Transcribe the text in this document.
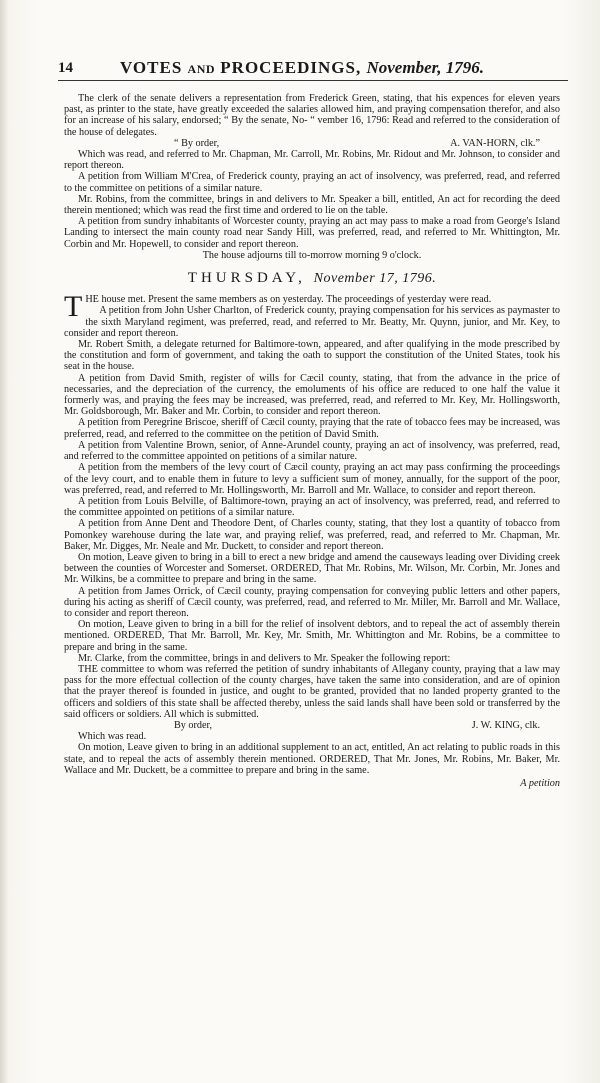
14	VOTES AND PROCEEDINGS, November, 1796.

The clerk of the senate delivers a representation from Frederick Green, stating, that his expences for eleven years past, as printer to the state, have greatly exceeded the salaries allowed him, and praying compensation therefor, and also for an increase of his salary, endorsed; “ By the senate, No- “ vember 16, 1796: Read and referred to the consideration of the house of delegates.

“ By order,	A. VAN-HORN, clk.”

Which was read, and referred to Mr. Chapman, Mr. Carroll, Mr. Robins, Mr. Ridout and Mr. Johnson, to consider and report thereon.

A petition from William M'Crea, of Frederick county, praying an act of insolvency, was preferred, read, and referred to the committee on petitions of a similar nature.

Mr. Robins, from the committee, brings in and delivers to Mr. Speaker a bill, entitled, An act for recording the deed therein mentioned; which was read the first time and ordered to lie on the table.

A petition from sundry inhabitants of Worcester county, praying an act may pass to make a road from George's Island Landing to intersect the main county road near Sandy Hill, was preferred, read, and referred to Mr. Whittington, Mr. Corbin and Mr. Hopewell, to consider and report thereon.

The house adjourns till to-morrow morning 9 o'clock.

THURSDAY, November 17, 1796.

THE house met. Present the same members as on yesterday. The proceedings of yesterday were read.

A petition from John Usher Charlton, of Frederick county, praying compensation for his services as paymaster to the sixth Maryland regiment, was preferred, read, and referred to Mr. Beatty, Mr. Quynn, junior, and Mr. Key, to consider and report thereon.

Mr. Robert Smith, a delegate returned for Baltimore-town, appeared, and after qualifying in the mode prescribed by the constitution and form of government, and taking the oath to support the constitution of the United States, took his seat in the house.

A petition from David Smith, register of wills for Cæcil county, stating, that from the advance in the price of necessaries, and the depreciation of the currency, the emoluments of his office are reduced to one half the value it formerly was, and praying the fees may be increased, was preferred, read, and referred to Mr. Key, Mr. Hollingsworth, Mr. Goldsborough, Mr. Baker and Mr. Corbin, to consider and report thereon.

A petition from Peregrine Briscoe, sheriff of Cæcil county, praying that the rate of tobacco fees may be increased, was preferred, read, and referred to the committee on the petition of David Smith.

A petition from Valentine Brown, senior, of Anne-Arundel county, praying an act of insolvency, was preferred, read, and referred to the committee appointed on petitions of a similar nature.

A petition from the members of the levy court of Cæcil county, praying an act may pass confirming the proceedings of the levy court, and to enable them in future to levy a sufficient sum of money, annually, for the support of the poor, was preferred, read, and referred to Mr. Hollingsworth, Mr. Barroll and Mr. Wallace, to consider and report thereon.

A petition from Louis Belville, of Baltimore-town, praying an act of insolvency, was preferred, read, and referred to the committee appointed on petitions of a similar nature.

A petition from Anne Dent and Theodore Dent, of Charles county, stating, that they lost a quantity of tobacco from Pomonkey warehouse during the late war, and praying relief, was preferred, read, and referred to Mr. Chapman, Mr. Baker, Mr. Digges, Mr. Neale and Mr. Duckett, to consider and report thereon.

On motion, Leave given to bring in a bill to erect a new bridge and amend the causeways leading over Dividing creek between the counties of Worcester and Somerset. ORDERED, That Mr. Robins, Mr. Wilson, Mr. Corbin, Mr. Jones and Mr. Wilkins, be a committee to prepare and bring in the same.

A petition from James Orrick, of Cæcil county, praying compensation for conveying public letters and other papers, during his acting as sheriff of Cæcil county, was preferred, read, and referred to Mr. Miller, Mr. Barroll and Mr. Wallace, to consider and report thereon.

On motion, Leave given to bring in a bill for the relief of insolvent debtors, and to repeal the act of assembly therein mentioned. ORDERED, That Mr. Barroll, Mr. Key, Mr. Smith, Mr. Whittington and Mr. Robins, be a committee to prepare and bring in the same.

Mr. Clarke, from the committee, brings in and delivers to Mr. Speaker the following report:

THE committee to whom was referred the petition of sundry inhabitants of Allegany county, praying that a law may pass for the more effectual collection of the county charges, have taken the same into consideration, and are of opinion that the prayer thereof is founded in justice, and ought to be granted, provided that no landed property granted to the officers and soldiers of this state shall be affected thereby, unless the said lands shall have been sold or transferred by the said officers or soldiers. All which is submitted.

By order,	J. W. KING, clk.

Which was read.

On motion, Leave given to bring in an additional supplement to an act, entitled, An act relating to public roads in this state, and to repeal the acts of assembly therein mentioned. ORDERED, That Mr. Jones, Mr. Robins, Mr. Baker, Mr. Wallace and Mr. Duckett, be a committee to prepare and bring in the same.

A petition
